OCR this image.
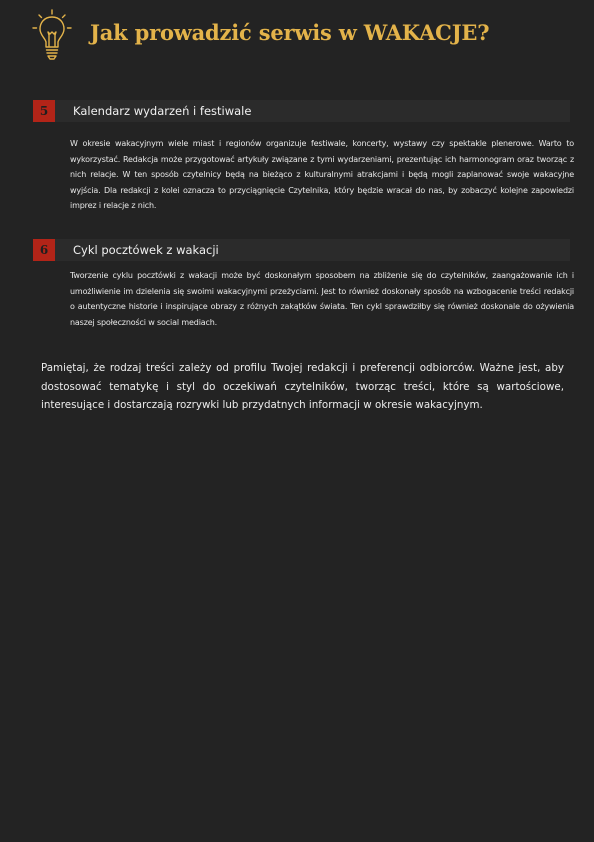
Jak prowadzić serwis w WAKACJE?
5	Kalendarz wydarzeń i festiwale
W okresie wakacyjnym wiele miast i regionów organizuje festiwale, koncerty, wystawy czy spektakle plenerowe. Warto to wykorzystać. Redakcja może przygotować artykuły związane z tymi wydarzeniami, prezentując ich harmonogram oraz tworząc z nich relacje. W ten sposób czytelnicy będą na bieżąco z kulturalnymi atrakcjami i będą mogli zaplanować swoje wakacyjne wyjścia. Dla redakcji z kolei oznacza to przyciągnięcie Czytelnika, który będzie wracał do nas, by zobaczyć kolejne zapowiedzi imprez i relacje z nich.
6	Cykl pocztówek z wakacji
Tworzenie cyklu pocztówki z wakacji może być doskonałym sposobem na zbliżenie się do czytelników, zaangażowanie ich i umożliwienie im dzielenia się swoimi wakacyjnymi przeżyciami. Jest to również doskonały sposób na wzbogacenie treści redakcji o autentyczne historie i inspirujące obrazy z różnych zakątków świata. Ten cykl sprawdziłby się również doskonale do ożywienia naszej społeczności w social mediach.
Pamiętaj, że rodzaj treści zależy od profilu Twojej redakcji i preferencji odbiorców. Ważne jest, aby dostosować tematykę i styl do oczekiwań czytelników, tworząc treści, które są wartościowe, interesujące i dostarczają rozrywki lub przydatnych informacji w okresie wakacyjnym.
